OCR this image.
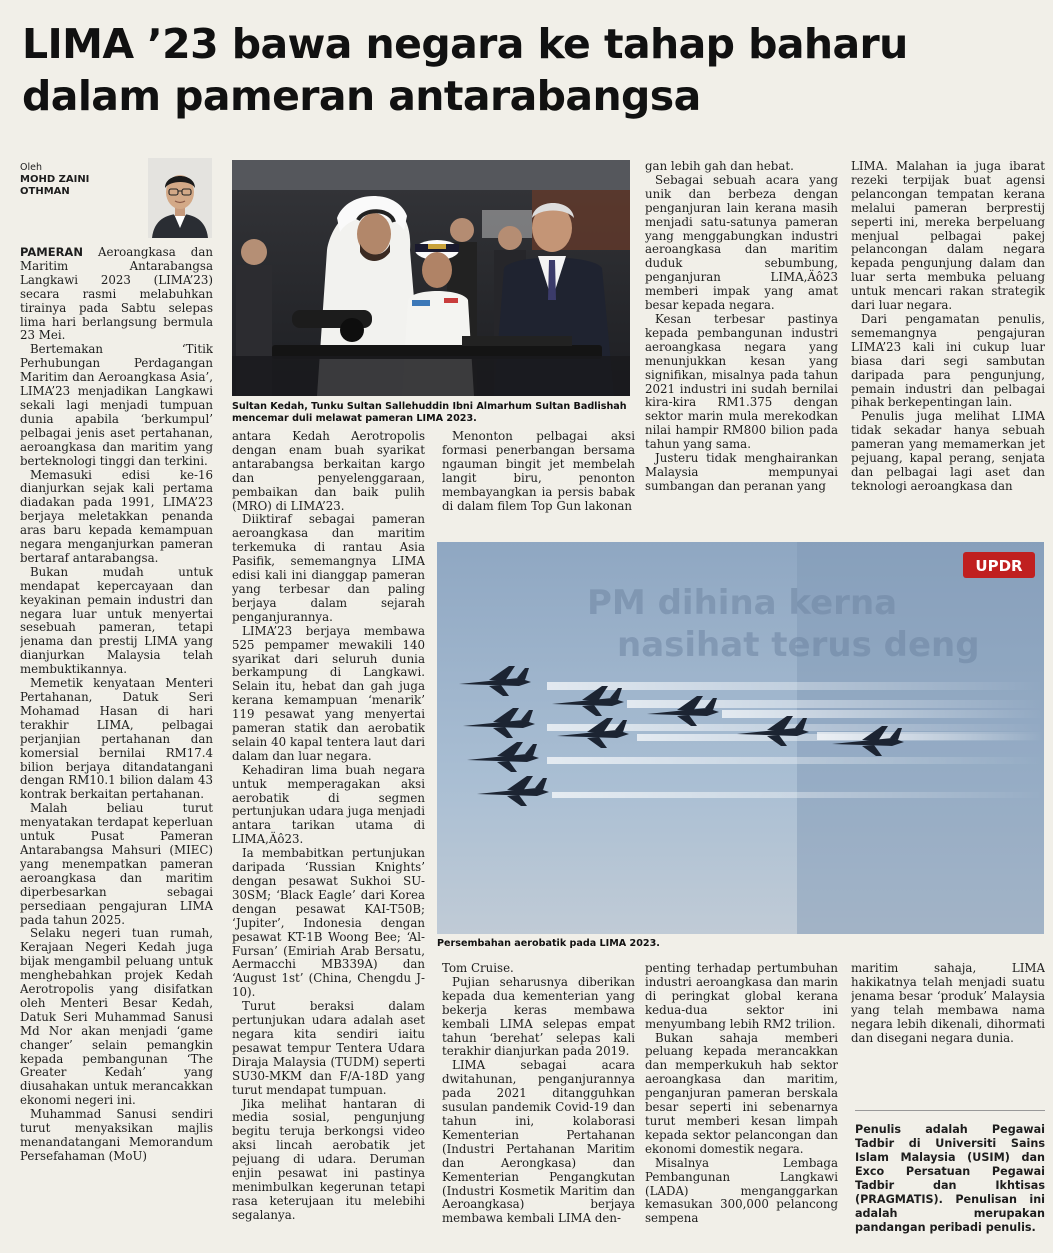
LIMA ’23 bawa negara ke tahap baharu
dalam pameran antarabangsa
Oleh
MOHD ZAINI
OTHMAN
Sultan Kedah, Tunku Sultan Sallehuddin Ibni Almarhum Sultan Badlishah mencemar duli melawat pameran LIMA 2023.
PM dihina kerna
nasihat terus deng
UPDR
Persembahan aerobatik pada LIMA 2023.

PAMERAN Aeroangkasa dan Maritim Antarabangsa Langkawi 2023 (LIMA’23) secara rasmi melabuhkan tirainya pada Sabtu selepas lima hari berlangsung bermula 23 Mei.

Bertemakan ‘Titik Perhubungan Perdagangan Maritim dan Aeroangkasa Asia’, LIMA’23 menjadikan Langkawi sekali lagi menjadi tumpuan dunia apabila ‘berkumpul’ pelbagai jenis aset pertahanan, aeroangkasa dan maritim yang berteknologi tinggi dan terkini.

Memasuki edisi ke-16 dianjurkan sejak kali pertama diadakan pada 1991, LIMA’23 berjaya meletakkan penanda aras baru kepada kemampuan negara menganjurkan pameran bertaraf antarabangsa.

Bukan mudah untuk mendapat kepercayaan dan keyakinan pemain industri dan negara luar untuk menyertai sesebuah pameran, tetapi jenama dan prestij LIMA yang dianjurkan Malaysia telah membuktikannya.

Memetik kenyataan Menteri Pertahanan, Datuk Seri Mohamad Hasan di hari terakhir LIMA, pelbagai perjanjian pertahanan dan komersial bernilai RM17.4 bilion berjaya ditandatangani dengan RM10.1 bilion dalam 43 kontrak berkaitan pertahanan.

Malah beliau turut menyatakan terdapat keperluan untuk Pusat Pameran Antarabangsa Mahsuri (MIEC) yang menempatkan pameran aeroangkasa dan maritim diperbesarkan sebagai persediaan pengajuran LIMA pada tahun 2025.

Selaku negeri tuan rumah, Kerajaan Negeri Kedah juga bijak mengambil peluang untuk menghebahkan projek Kedah Aerotropolis yang disifatkan oleh Menteri Besar Kedah, Datuk Seri Muhammad Sanusi Md Nor akan menjadi ‘game changer’ selain pemangkin kepada pembangunan ‘The Greater Kedah’ yang diusahakan untuk merancakkan ekonomi negeri ini.

Muhammad Sanusi sendiri turut menyaksikan majlis menandatangani Memorandum Persefahaman (MoU)

antara Kedah Aerotropolis dengan enam buah syarikat antarabangsa berkaitan kargo dan penyelenggaraan, pembaikan dan baik pulih (MRO) di LIMA’23.

Diiktiraf sebagai pameran aeroangkasa dan maritim terkemuka di rantau Asia Pasifik, sememangnya LIMA edisi kali ini dianggap pameran yang terbesar dan paling berjaya dalam sejarah penganjurannya.

LIMA’23 berjaya membawa 525 pempamer mewakili 140 syarikat dari seluruh dunia berkampung di Langkawi. Selain itu, hebat dan gah juga kerana kemampuan ‘menarik’ 119 pesawat yang menyertai pameran statik dan aerobatik selain 40 kapal tentera laut dari dalam dan luar negara.

Kehadiran lima buah negara untuk memperagakan aksi aerobatik di segmen pertunjukan udara juga menjadi antara tarikan utama di LIMA,Äô23.

Ia membabitkan pertunjukan daripada ‘Russian Knights’ dengan pesawat Sukhoi SU-30SM; ‘Black Eagle’ dari Korea dengan pesawat KAI-T50B; ‘Jupiter’, Indonesia dengan pesawat KT-1B Woong Bee; ‘Al-Fursan’ (Emiriah Arab Bersatu, Aermacchi MB339A) dan ‘August 1st’ (China, Chengdu J-10).

Turut beraksi dalam pertunjukan udara adalah aset negara kita sendiri iaitu pesawat tempur Tentera Udara Diraja Malaysia (TUDM) seperti SU30-MKM dan F/A-18D yang turut mendapat tumpuan.

Jika melihat hantaran di media sosial, pengunjung begitu teruja berkongsi video aksi lincah aerobatik jet pejuang di udara. Deruman enjin pesawat ini pastinya menimbulkan kegerunan tetapi rasa keterujaan itu melebihi segalanya.

Menonton pelbagai aksi formasi penerbangan bersama ngauman bingit jet membelah langit biru, penonton membayangkan ia persis babak di dalam filem Top Gun lakonan

Tom Cruise.

Pujian seharusnya diberikan kepada dua kementerian yang bekerja keras membawa kembali LIMA selepas empat tahun ‘berehat’ selepas kali terakhir dianjurkan pada 2019.

LIMA sebagai acara dwitahunan, penganjurannya pada 2021 ditangguhkan susulan pandemik Covid-19 dan tahun ini, kolaborasi Kementerian Pertahanan (Industri Pertahanan Maritim dan Aerongkasa) dan Kementerian Pengangkutan (Industri Kosmetik Maritim dan Aeroangkasa) berjaya membawa kembali LIMA den-

gan lebih gah dan hebat.

Sebagai sebuah acara yang unik dan berbeza dengan penganjuran lain kerana masih menjadi satu-satunya pameran yang menggabungkan industri aeroangkasa dan maritim duduk sebumbung, penganjuran LIMA,Äô23 memberi impak yang amat besar kepada negara.

Kesan terbesar pastinya kepada pembangunan industri aeroangkasa negara yang menunjukkan kesan yang signifikan, misalnya pada tahun 2021 industri ini sudah bernilai kira-kira RM1.375 dengan sektor marin mula merekodkan nilai hampir RM800 bilion pada tahun yang sama.

Justeru tidak menghairankan Malaysia mempunyai sumbangan dan peranan yang

penting terhadap pertumbuhan industri aeroangkasa dan marin di peringkat global kerana kedua-dua sektor ini menyumbang lebih RM2 trilion.

Bukan sahaja memberi peluang kepada merancakkan dan memperkukuh hab sektor aeroangkasa dan maritim, penganjuran pameran berskala besar seperti ini sebenarnya turut memberi kesan limpah kepada sektor pelancongan dan ekonomi domestik negara.

Misalnya Lembaga Pembangunan Langkawi (LADA) menganggarkan kemasukan 300,000 pelancong sempena

LIMA. Malahan ia juga ibarat rezeki terpijak buat agensi pelancongan tempatan kerana melalui pameran berprestij seperti ini, mereka berpeluang menjual pelbagai pakej pelancongan dalam negara kepada pengunjung dalam dan luar serta membuka peluang untuk mencari rakan strategik dari luar negara.

Dari pengamatan penulis, sememangnya pengajuran LIMA’23 kali ini cukup luar biasa dari segi sambutan daripada para pengunjung, pemain industri dan pelbagai pihak berkepentingan lain.

Penulis juga melihat LIMA tidak sekadar hanya sebuah pameran yang memamerkan jet pejuang, kapal perang, senjata dan pelbagai lagi aset dan teknologi aeroangkasa dan

maritim sahaja, LIMA hakikatnya telah menjadi suatu jenama besar ‘produk’ Malaysia yang telah membawa nama negara lebih dikenali, dihormati dan disegani negara dunia.

Penulis adalah Pegawai Tadbir di Universiti Sains Islam Malaysia (USIM) dan Exco Persatuan Pegawai Tadbir dan Ikhtisas (PRAGMATIS). Penulisan ini adalah merupakan pandangan peribadi penulis.
